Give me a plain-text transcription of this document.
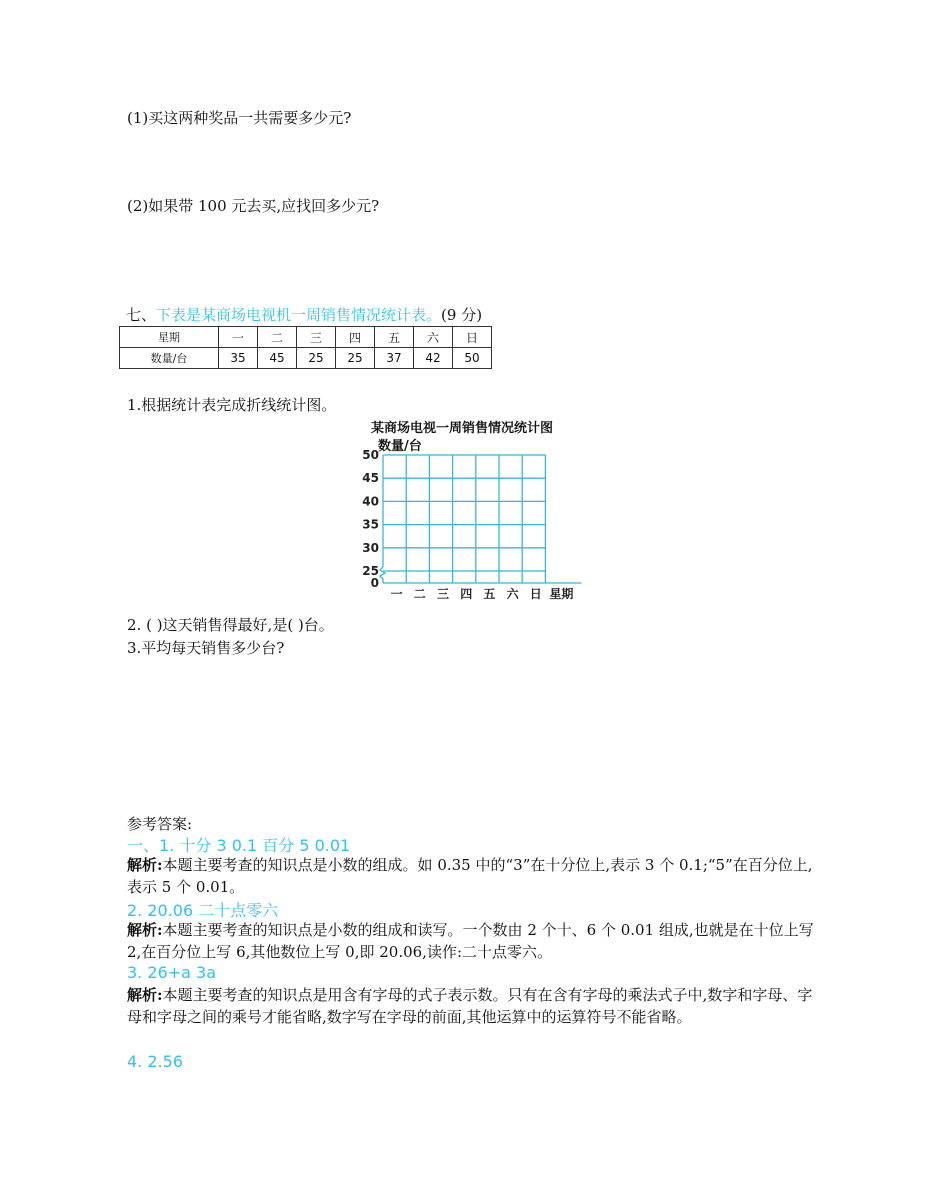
(1)买这两种奖品一共需要多少元?
(2)如果带 100 元去买,应找回多少元?
七、下表是某商场电视机一周销售情况统计表。(9 分)
星期	一	二	三	四	五	六	日
数量/台	35	45	25	25	37	42	50
1.根据统计表完成折线统计图。
某商场电视一周销售情况统计图
数量/台
50
45
40
35
30
25
0
一 二 三 四 五 六 日 星期
2. ( )这天销售得最好,是( )台。
3.平均每天销售多少台?
参考答案:
一、1. 十分 3 0.1 百分 5 0.01
解析:本题主要考查的知识点是小数的组成。如 0.35 中的“3”在十分位上,表示 3 个 0.1;“5”在百分位上,表示 5 个 0.01。
2. 20.06 二十点零六
解析:本题主要考查的知识点是小数的组成和读写。一个数由 2 个十、6 个 0.01 组成,也就是在十位上写 2,在百分位上写 6,其他数位上写 0,即 20.06,读作:二十点零六。
3. 26+a 3a
解析:本题主要考查的知识点是用含有字母的式子表示数。只有在含有字母的乘法式子中,数字和字母、字母和字母之间的乘号才能省略,数字写在字母的前面,其他运算中的运算符号不能省略。
4. 2.56
